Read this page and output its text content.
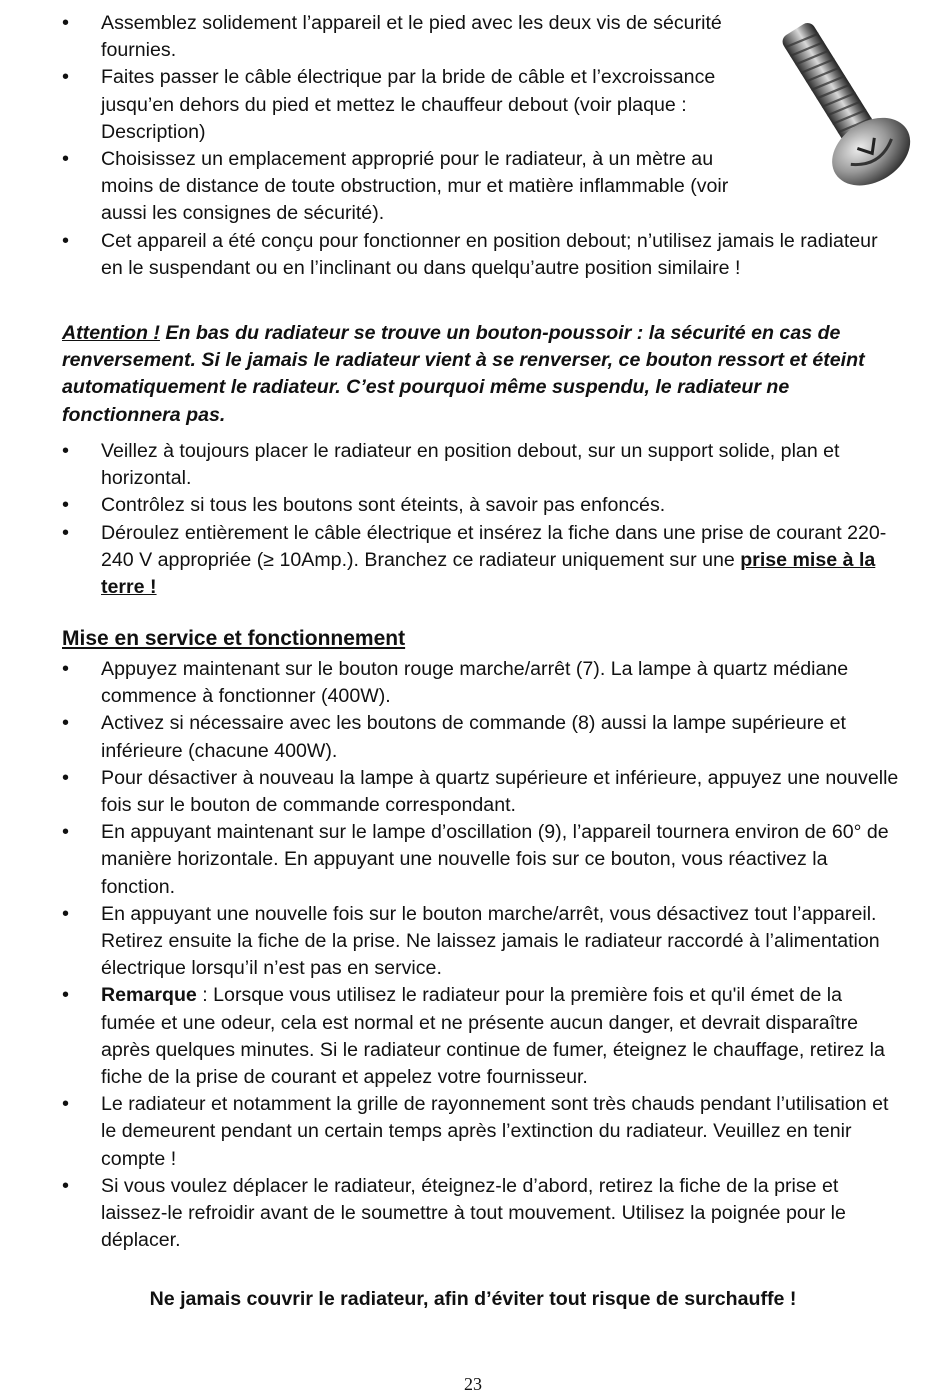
• Assemblez solidement l’appareil et le pied avec les deux vis de sécurité fournies.
• Faites passer le câble électrique par la bride de câble et l’excroissance jusqu’en dehors du pied et mettez le chauffeur debout (voir plaque : Description)
• Choisissez un emplacement approprié pour le radiateur, à un mètre au moins de distance de toute obstruction, mur et matière inflammable (voir aussi les consignes de sécurité).
• Cet appareil a été conçu pour fonctionner en position debout; n’utilisez jamais le radiateur en le suspendant ou en l’inclinant ou dans quelqu’autre position similaire !
Attention ! En bas du radiateur se trouve un bouton-poussoir : la sécurité en cas de renversement. Si le jamais le radiateur vient à se renverser, ce bouton ressort et éteint automatiquement le radiateur. C’est pourquoi même suspendu, le radiateur ne fonctionnera pas.
• Veillez à toujours placer le radiateur en position debout, sur un support solide, plan et horizontal.
• Contrôlez si tous les boutons sont éteints, à savoir pas enfoncés.
• Déroulez entièrement le câble électrique et insérez la fiche dans une prise de courant 220-240 V appropriée (≥ 10Amp.). Branchez ce radiateur uniquement sur une prise mise à la terre !
Mise en service et fonctionnement
• Appuyez maintenant sur le bouton rouge marche/arrêt (7). La lampe à quartz médiane commence à fonctionner (400W).
• Activez si nécessaire avec les boutons de commande (8) aussi la lampe supérieure et inférieure (chacune 400W).
• Pour désactiver à nouveau la lampe à quartz supérieure et inférieure, appuyez une nouvelle fois sur le bouton de commande correspondant.
• En appuyant maintenant sur le lampe d’oscillation (9), l’appareil tournera environ de 60° de manière horizontale. En appuyant une nouvelle fois sur ce bouton, vous réactivez la fonction.
• En appuyant une nouvelle fois sur le bouton marche/arrêt, vous désactivez tout l’appareil. Retirez ensuite la fiche de la prise. Ne laissez jamais le radiateur raccordé à l’alimentation électrique lorsqu’il n’est pas en service.
• Remarque : Lorsque vous utilisez le radiateur pour la première fois et qu'il émet de la fumée et une odeur, cela est normal et ne présente aucun danger, et devrait disparaître après quelques minutes. Si le radiateur continue de fumer, éteignez le chauffage, retirez la fiche de la prise de courant et appelez votre fournisseur.
• Le radiateur et notamment la grille de rayonnement sont très chauds pendant l’utilisation et le demeurent pendant un certain temps après l’extinction du radiateur. Veuillez en tenir compte !
• Si vous voulez déplacer le radiateur, éteignez-le d’abord, retirez la fiche de la prise et laissez-le refroidir avant de le soumettre à tout mouvement. Utilisez la poignée pour le déplacer.
Ne jamais couvrir le radiateur, afin d’éviter tout risque de surchauffe !
23
